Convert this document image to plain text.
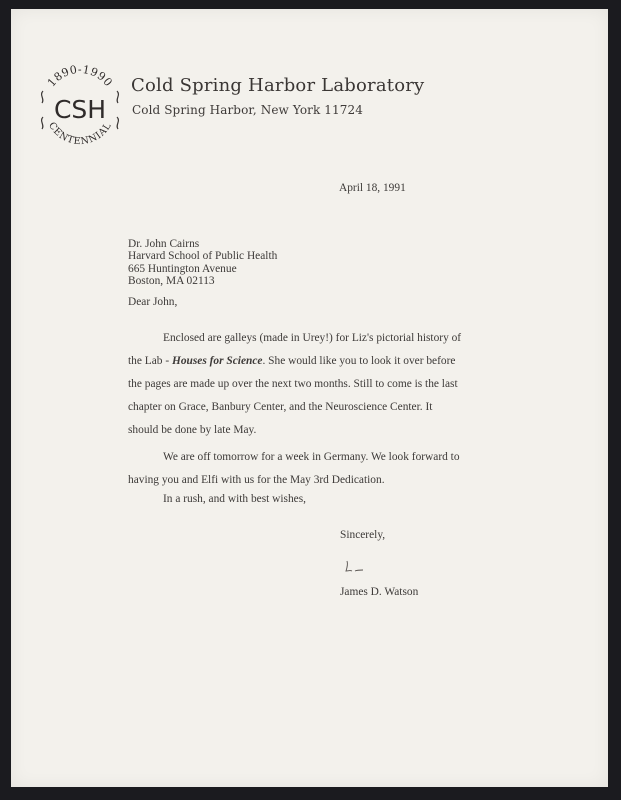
1890-1990
CENTENNIAL
CSH
Cold Spring Harbor Laboratory
Cold Spring Harbor, New York 11724
April 18, 1991
Dr. John Cairns
Harvard School of Public Health
665 Huntington Avenue
Boston, MA 02113
Dear John,
Enclosed are galleys (made in Urey!) for Liz's pictorial history of
the Lab - Houses for Science. She would like you to look it over before
the pages are made up over the next two months. Still to come is the last
chapter on Grace, Banbury Center, and the Neuroscience Center. It
should be done by late May.
We are off tomorrow for a week in Germany. We look forward to
having you and Elfi with us for the May 3rd Dedication.
In a rush, and with best wishes,
Sincerely,
James D. Watson
